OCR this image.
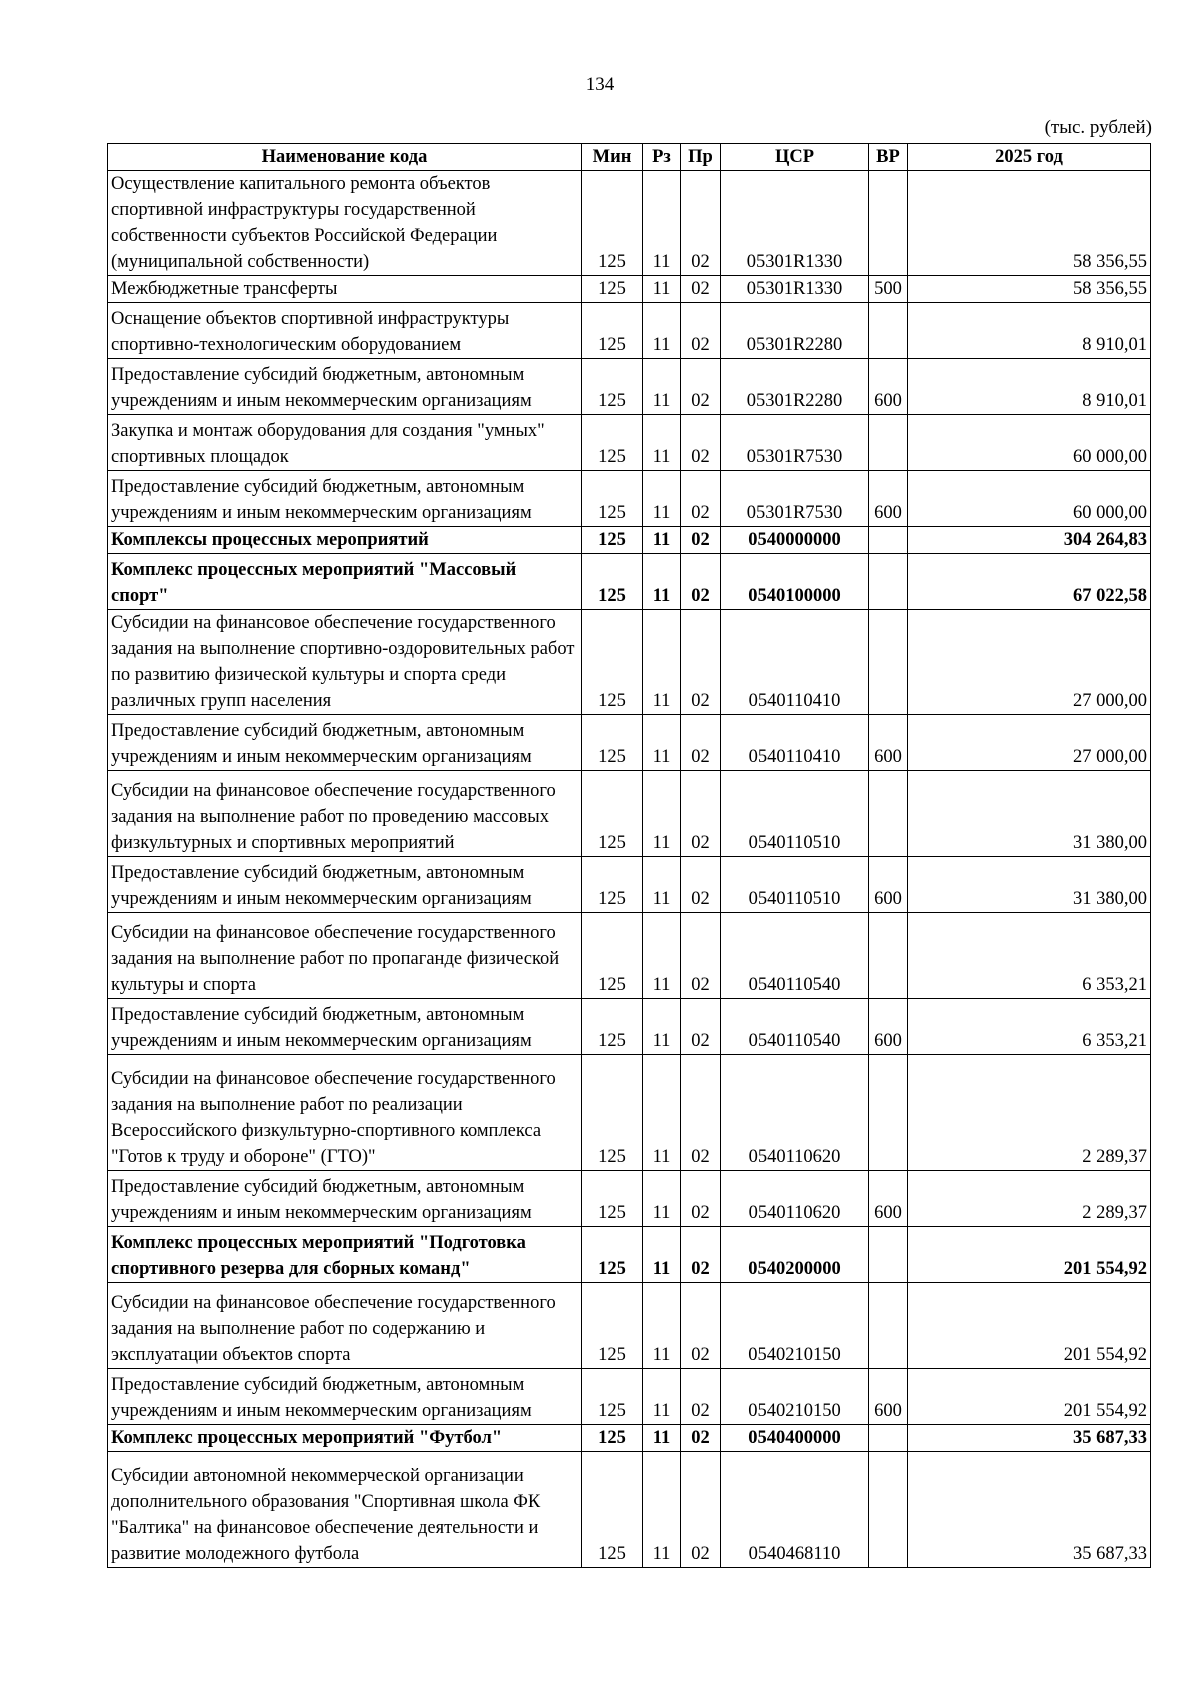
134
(тыс. рублей)
Наименование кода	Мин	Рз	Пр	ЦСР	ВР	2025 год
Осуществление капитального ремонта объектов спортивной инфраструктуры государственной собственности субъектов Российской Федерации (муниципальной собственности)	125	11	02	05301R1330		58 356,55
Межбюджетные трансферты	125	11	02	05301R1330	500	58 356,55
Оснащение объектов спортивной инфраструктуры спортивно-технологическим оборудованием	125	11	02	05301R2280		8 910,01
Предоставление субсидий бюджетным, автономным учреждениям и иным некоммерческим организациям	125	11	02	05301R2280	600	8 910,01
Закупка и монтаж оборудования для создания "умных" спортивных площадок	125	11	02	05301R7530		60 000,00
Предоставление субсидий бюджетным, автономным учреждениям и иным некоммерческим организациям	125	11	02	05301R7530	600	60 000,00
Комплексы процессных мероприятий	125	11	02	0540000000		304 264,83
Комплекс процессных мероприятий "Массовый спорт"	125	11	02	0540100000		67 022,58
Субсидии на финансовое обеспечение государственного задания на выполнение спортивно-оздоровительных работ по развитию физической культуры и спорта среди различных групп населения	125	11	02	0540110410		27 000,00
Предоставление субсидий бюджетным, автономным учреждениям и иным некоммерческим организациям	125	11	02	0540110410	600	27 000,00
Субсидии на финансовое обеспечение государственного задания на выполнение работ по проведению массовых физкультурных и спортивных мероприятий	125	11	02	0540110510		31 380,00
Предоставление субсидий бюджетным, автономным учреждениям и иным некоммерческим организациям	125	11	02	0540110510	600	31 380,00
Субсидии на финансовое обеспечение государственного задания на выполнение работ по пропаганде физической культуры и спорта	125	11	02	0540110540		6 353,21
Предоставление субсидий бюджетным, автономным учреждениям и иным некоммерческим организациям	125	11	02	0540110540	600	6 353,21
Субсидии на финансовое обеспечение государственного задания на выполнение работ по реализации Всероссийского физкультурно-спортивного комплекса "Готов к труду и обороне" (ГТО)"	125	11	02	0540110620		2 289,37
Предоставление субсидий бюджетным, автономным учреждениям и иным некоммерческим организациям	125	11	02	0540110620	600	2 289,37
Комплекс процессных мероприятий "Подготовка спортивного резерва для сборных команд"	125	11	02	0540200000		201 554,92
Субсидии на финансовое обеспечение государственного задания на выполнение работ по содержанию и эксплуатации объектов спорта	125	11	02	0540210150		201 554,92
Предоставление субсидий бюджетным, автономным учреждениям и иным некоммерческим организациям	125	11	02	0540210150	600	201 554,92
Комплекс процессных мероприятий "Футбол"	125	11	02	0540400000		35 687,33
Субсидии автономной некоммерческой организации дополнительного образования "Спортивная школа ФК "Балтика" на финансовое обеспечение деятельности и развитие молодежного футбола	125	11	02	0540468110		35 687,33
